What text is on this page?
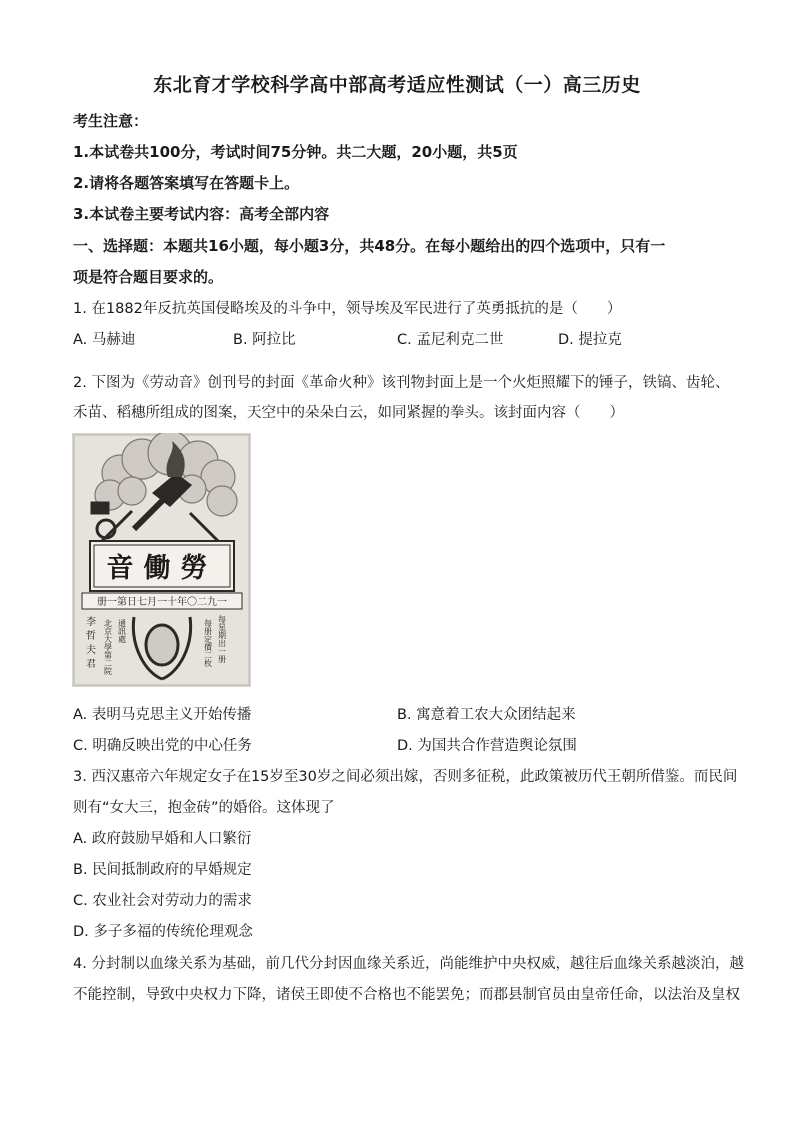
东北育才学校科学高中部高考适应性测试（一）高三历史
考生注意：
1.本试卷共100分，考试时间75分钟。共二大题，20小题，共5页
2.请将各题答案填写在答题卡上。
3.本试卷主要考试内容：高考全部内容
一、选择题：本题共16小题，每小题3分，共48分。在每小题给出的四个选项中，只有一
项是符合题目要求的。
1. 在1882年反抗英国侵略埃及的斗争中，领导埃及军民进行了英勇抵抗的是（　　）
A. 马赫迪	B. 阿拉比	C. 孟尼利克二世	D. 提拉克
2. 下图为《劳动音》创刊号的封面《革命火种》该刊物封面上是一个火炬照耀下的锤子，铁镐、齿轮、
禾苗、稻穗所组成的图案，天空中的朵朵白云，如同紧握的拳头。该封面内容（　　）
音働勞
册一第日七月一十年〇二九一
李
哲
夫
君 北京大學第二院 通訊處	每星期出一册
每册定價二枚
A. 表明马克思主义开始传播	B. 寓意着工农大众团结起来
C. 明确反映出党的中心任务	D. 为国共合作营造舆论氛围
3. 西汉惠帝六年规定女子在15岁至30岁之间必须出嫁，否则多征税，此政策被历代王朝所借鉴。而民间
则有“女大三，抱金砖”的婚俗。这体现了
A. 政府鼓励早婚和人口繁衍
B. 民间抵制政府的早婚规定
C. 农业社会对劳动力的需求
D. 多子多福的传统伦理观念
4. 分封制以血缘关系为基础，前几代分封因血缘关系近，尚能维护中央权威，越往后血缘关系越淡泊，越
不能控制，导致中央权力下降，诸侯王即使不合格也不能罢免；而郡县制官员由皇帝任命，以法治及皇权
